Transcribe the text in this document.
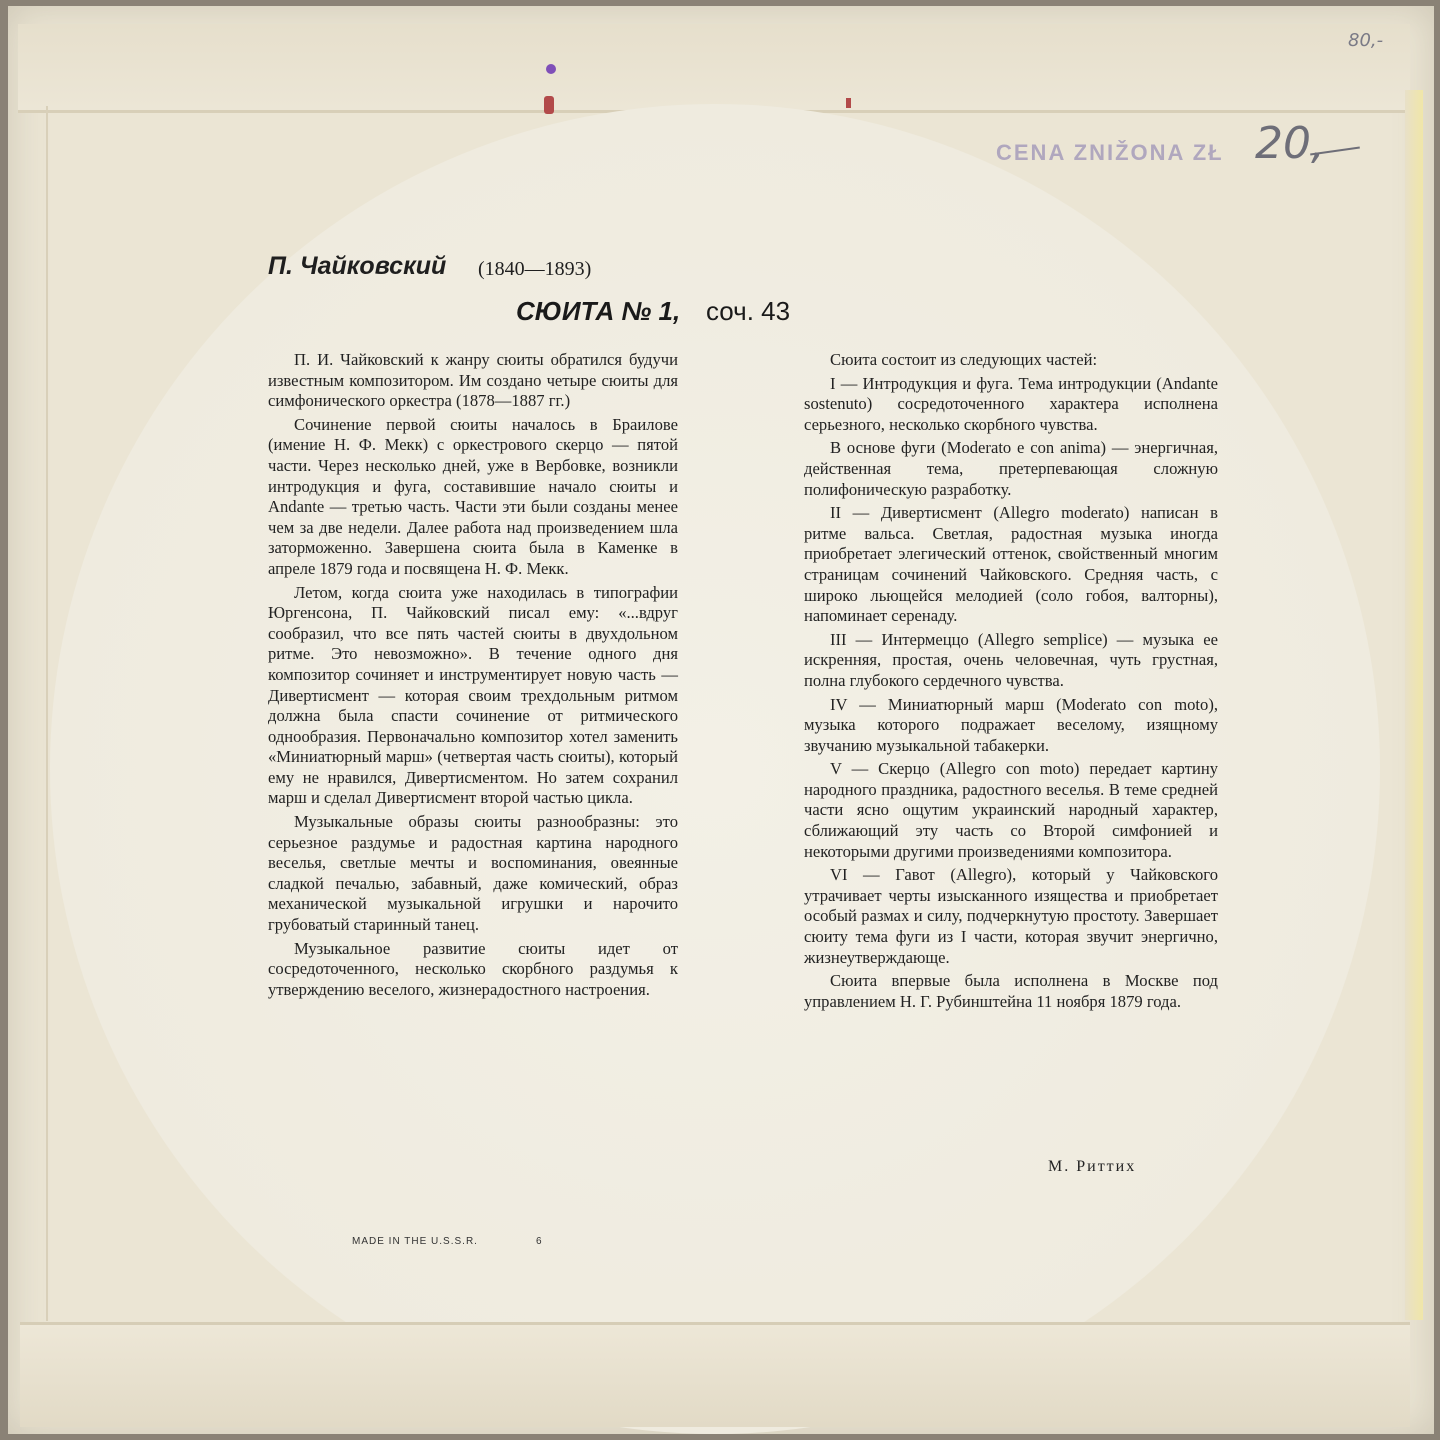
CENA ZNIŽONA ZŁ 20,
80,-
П. Чайковский (1840—1893)
СЮИТА № 1, соч. 43

П. И. Чайковский к жанру сюиты обратился будучи известным композитором. Им создано четыре сюиты для симфонического оркестра (1878—1887 гг.)

Сочинение первой сюиты началось в Браилове (имение Н. Ф. Мекк) с оркестрового скерцо — пятой части. Через несколько дней, уже в Вербовке, возникли интродукция и фуга, составившие начало сюиты и Andante — третью часть. Части эти были созданы менее чем за две недели. Далее работа над произведением шла заторможенно. Завершена сюита была в Каменке в апреле 1879 года и посвящена Н. Ф. Мекк.

Летом, когда сюита уже находилась в типографии Юргенсона, П. Чайковский писал ему: «...вдруг сообразил, что все пять частей сюиты в двухдольном ритме. Это невозможно». В течение одного дня композитор сочиняет и инструментирует новую часть — Дивертисмент — которая своим трехдольным ритмом должна была спасти сочинение от ритмического однообразия. Первоначально композитор хотел заменить «Миниатюрный марш» (четвертая часть сюиты), который ему не нравился, Дивертисментом. Но затем сохранил марш и сделал Дивертисмент второй частью цикла.

Музыкальные образы сюиты разнообразны: это серьезное раздумье и радостная картина народного веселья, светлые мечты и воспоминания, овеянные сладкой печалью, забавный, даже комический, образ механической музыкальной игрушки и нарочито грубоватый старинный танец.

Музыкальное развитие сюиты идет от сосредоточенного, несколько скорбного раздумья к утверждению веселого, жизнерадостного настроения.

Сюита состоит из следующих частей:

I — Интродукция и фуга. Тема интродукции (Andante sostenuto) сосредоточенного характера исполнена серьезного, несколько скорбного чувства.

В основе фуги (Moderato e con anima) — энергичная, действенная тема, претерпевающая сложную полифоническую разработку.

II — Дивертисмент (Allegro moderato) написан в ритме вальса. Светлая, радостная музыка иногда приобретает элегический оттенок, свойственный многим страницам сочинений Чайковского. Средняя часть, с широко льющейся мелодией (соло гобоя, валторны), напоминает серенаду.

III — Интермеццо (Allegro semplice) — музыка ее искренняя, простая, очень человечная, чуть грустная, полна глубокого сердечного чувства.

IV — Миниатюрный марш (Moderato con moto), музыка которого подражает веселому, изящному звучанию музыкальной табакерки.

V — Скерцо (Allegro con moto) передает картину народного праздника, радостного веселья. В теме средней части ясно ощутим украинский народный характер, сближающий эту часть со Второй симфонией и некоторыми другими произведениями композитора.

VI — Гавот (Allegro), который у Чайковского утрачивает черты изысканного изящества и приобретает особый размах и силу, подчеркнутую простоту. Завершает сюиту тема фуги из I части, которая звучит энергично, жизнеутверждающе.

Сюита впервые была исполнена в Москве под управлением Н. Г. Рубинштейна 11 ноября 1879 года.

М. Риттих
MADE IN THE U.S.S.R.	6
